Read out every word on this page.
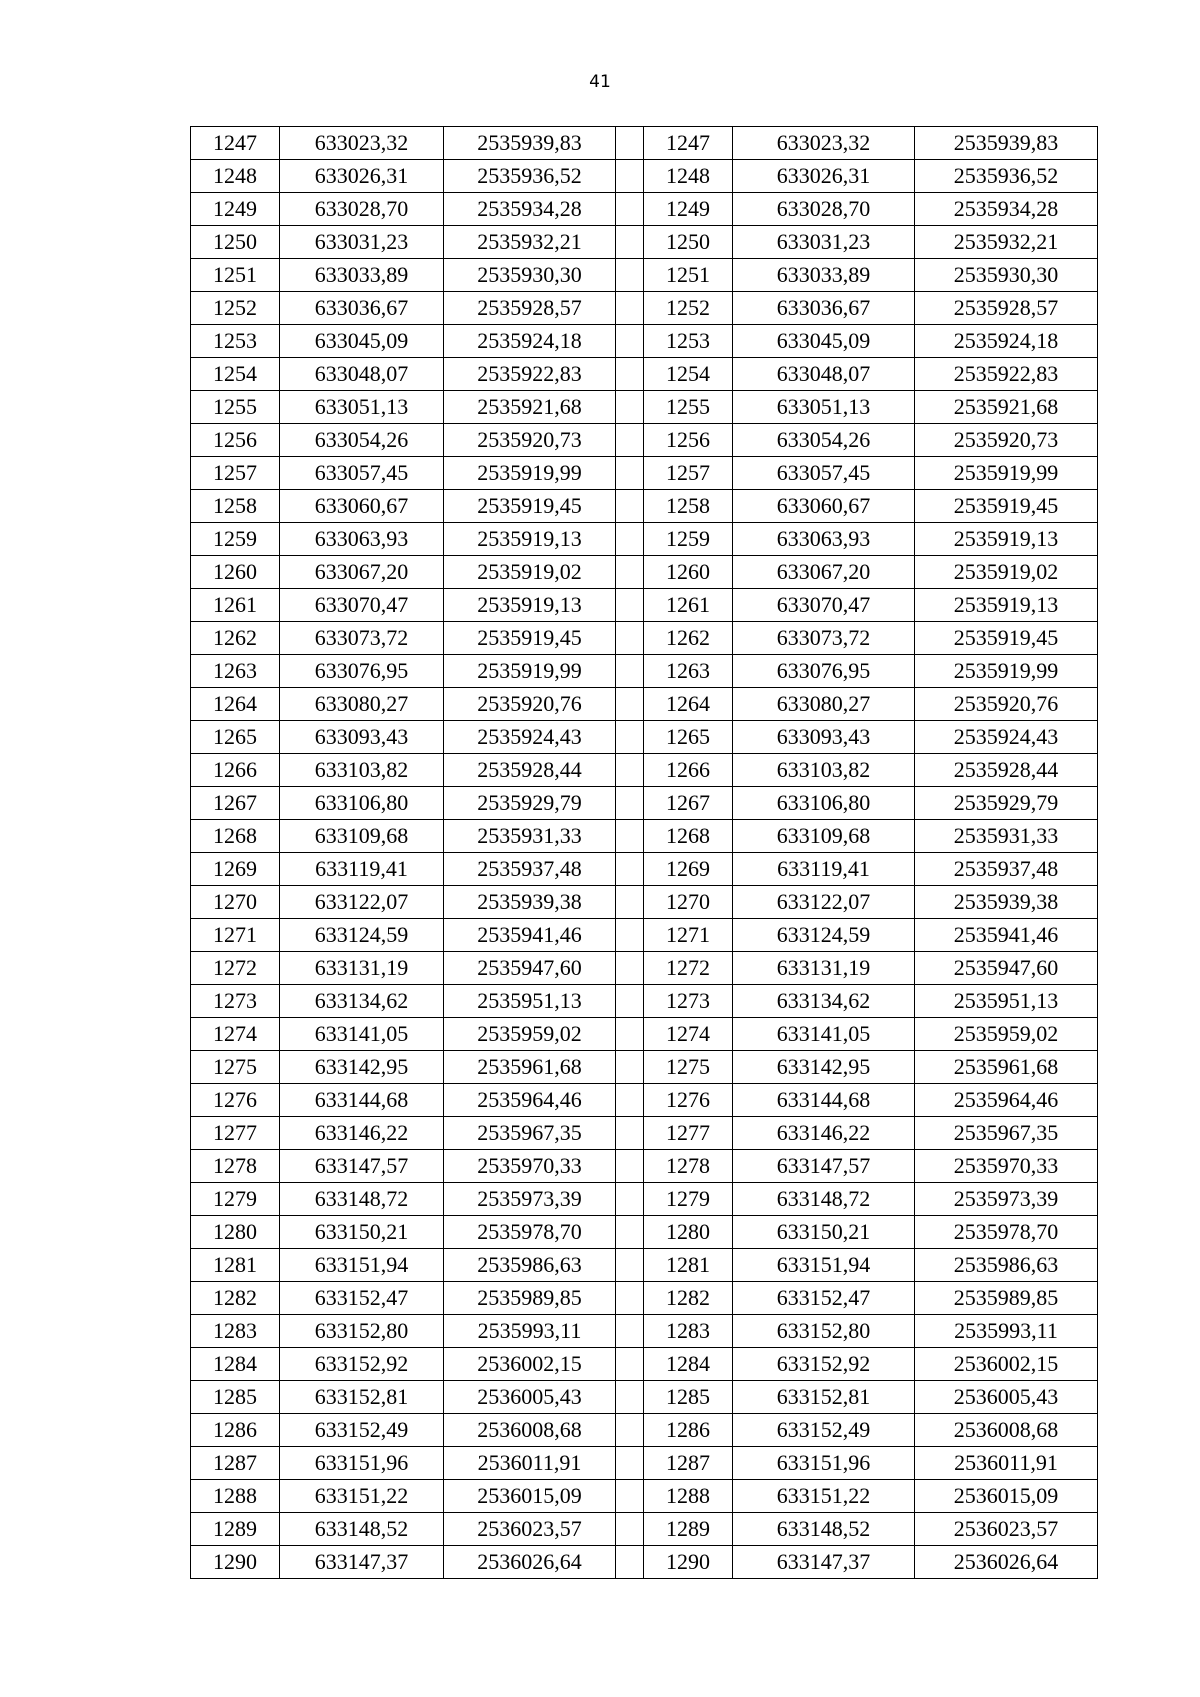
41
1247	633023,32	2535939,83		1247	633023,32	2535939,83
1248	633026,31	2535936,52		1248	633026,31	2535936,52
1249	633028,70	2535934,28		1249	633028,70	2535934,28
1250	633031,23	2535932,21		1250	633031,23	2535932,21
1251	633033,89	2535930,30		1251	633033,89	2535930,30
1252	633036,67	2535928,57		1252	633036,67	2535928,57
1253	633045,09	2535924,18		1253	633045,09	2535924,18
1254	633048,07	2535922,83		1254	633048,07	2535922,83
1255	633051,13	2535921,68		1255	633051,13	2535921,68
1256	633054,26	2535920,73		1256	633054,26	2535920,73
1257	633057,45	2535919,99		1257	633057,45	2535919,99
1258	633060,67	2535919,45		1258	633060,67	2535919,45
1259	633063,93	2535919,13		1259	633063,93	2535919,13
1260	633067,20	2535919,02		1260	633067,20	2535919,02
1261	633070,47	2535919,13		1261	633070,47	2535919,13
1262	633073,72	2535919,45		1262	633073,72	2535919,45
1263	633076,95	2535919,99		1263	633076,95	2535919,99
1264	633080,27	2535920,76		1264	633080,27	2535920,76
1265	633093,43	2535924,43		1265	633093,43	2535924,43
1266	633103,82	2535928,44		1266	633103,82	2535928,44
1267	633106,80	2535929,79		1267	633106,80	2535929,79
1268	633109,68	2535931,33		1268	633109,68	2535931,33
1269	633119,41	2535937,48		1269	633119,41	2535937,48
1270	633122,07	2535939,38		1270	633122,07	2535939,38
1271	633124,59	2535941,46		1271	633124,59	2535941,46
1272	633131,19	2535947,60		1272	633131,19	2535947,60
1273	633134,62	2535951,13		1273	633134,62	2535951,13
1274	633141,05	2535959,02		1274	633141,05	2535959,02
1275	633142,95	2535961,68		1275	633142,95	2535961,68
1276	633144,68	2535964,46		1276	633144,68	2535964,46
1277	633146,22	2535967,35		1277	633146,22	2535967,35
1278	633147,57	2535970,33		1278	633147,57	2535970,33
1279	633148,72	2535973,39		1279	633148,72	2535973,39
1280	633150,21	2535978,70		1280	633150,21	2535978,70
1281	633151,94	2535986,63		1281	633151,94	2535986,63
1282	633152,47	2535989,85		1282	633152,47	2535989,85
1283	633152,80	2535993,11		1283	633152,80	2535993,11
1284	633152,92	2536002,15		1284	633152,92	2536002,15
1285	633152,81	2536005,43		1285	633152,81	2536005,43
1286	633152,49	2536008,68		1286	633152,49	2536008,68
1287	633151,96	2536011,91		1287	633151,96	2536011,91
1288	633151,22	2536015,09		1288	633151,22	2536015,09
1289	633148,52	2536023,57		1289	633148,52	2536023,57
1290	633147,37	2536026,64		1290	633147,37	2536026,64
